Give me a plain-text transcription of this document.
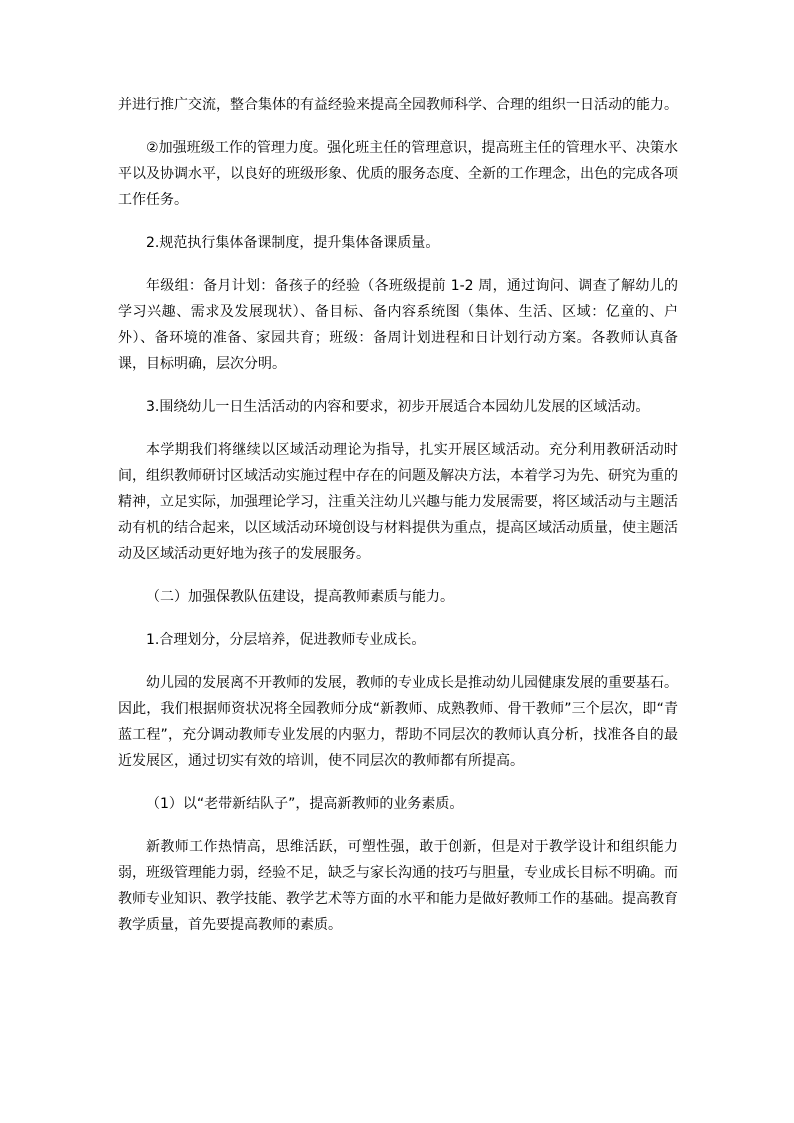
并进行推广交流，整合集体的有益经验来提高全园教师科学、合理的组织一日活动的能力。

②加强班级工作的管理力度。强化班主任的管理意识，提高班主任的管理水平、决策水平以及协调水平，以良好的班级形象、优质的服务态度、全新的工作理念，出色的完成各项工作任务。

2.规范执行集体备课制度，提升集体备课质量。

年级组：备月计划：备孩子的经验（各班级提前 1-2 周，通过询问、调查了解幼儿的学习兴趣、需求及发展现状）、备目标、备内容系统图（集体、生活、区域：亿童的、户外）、备环境的准备、家园共育；班级：备周计划进程和日计划行动方案。各教师认真备课，目标明确，层次分明。

3.围绕幼儿一日生活活动的内容和要求，初步开展适合本园幼儿发展的区域活动。

本学期我们将继续以区域活动理论为指导，扎实开展区域活动。充分利用教研活动时间，组织教师研讨区域活动实施过程中存在的问题及解决方法，本着学习为先、研究为重的精神，立足实际，加强理论学习，注重关注幼儿兴趣与能力发展需要，将区域活动与主题活动有机的结合起来，以区域活动环境创设与材料提供为重点，提高区域活动质量，使主题活动及区域活动更好地为孩子的发展服务。

（二）加强保教队伍建设，提高教师素质与能力。

1.合理划分，分层培养，促进教师专业成长。

幼儿园的发展离不开教师的发展，教师的专业成长是推动幼儿园健康发展的重要基石。因此，我们根据师资状况将全园教师分成“新教师、成熟教师、骨干教师”三个层次，即“青蓝工程”，充分调动教师专业发展的内驱力，帮助不同层次的教师认真分析，找准各自的最近发展区，通过切实有效的培训，使不同层次的教师都有所提高。

（1）以“老带新结队子”，提高新教师的业务素质。

新教师工作热情高，思维活跃，可塑性强，敢于创新，但是对于教学设计和组织能力弱，班级管理能力弱，经验不足，缺乏与家长沟通的技巧与胆量，专业成长目标不明确。而教师专业知识、教学技能、教学艺术等方面的水平和能力是做好教师工作的基础。提高教育教学质量，首先要提高教师的素质。
